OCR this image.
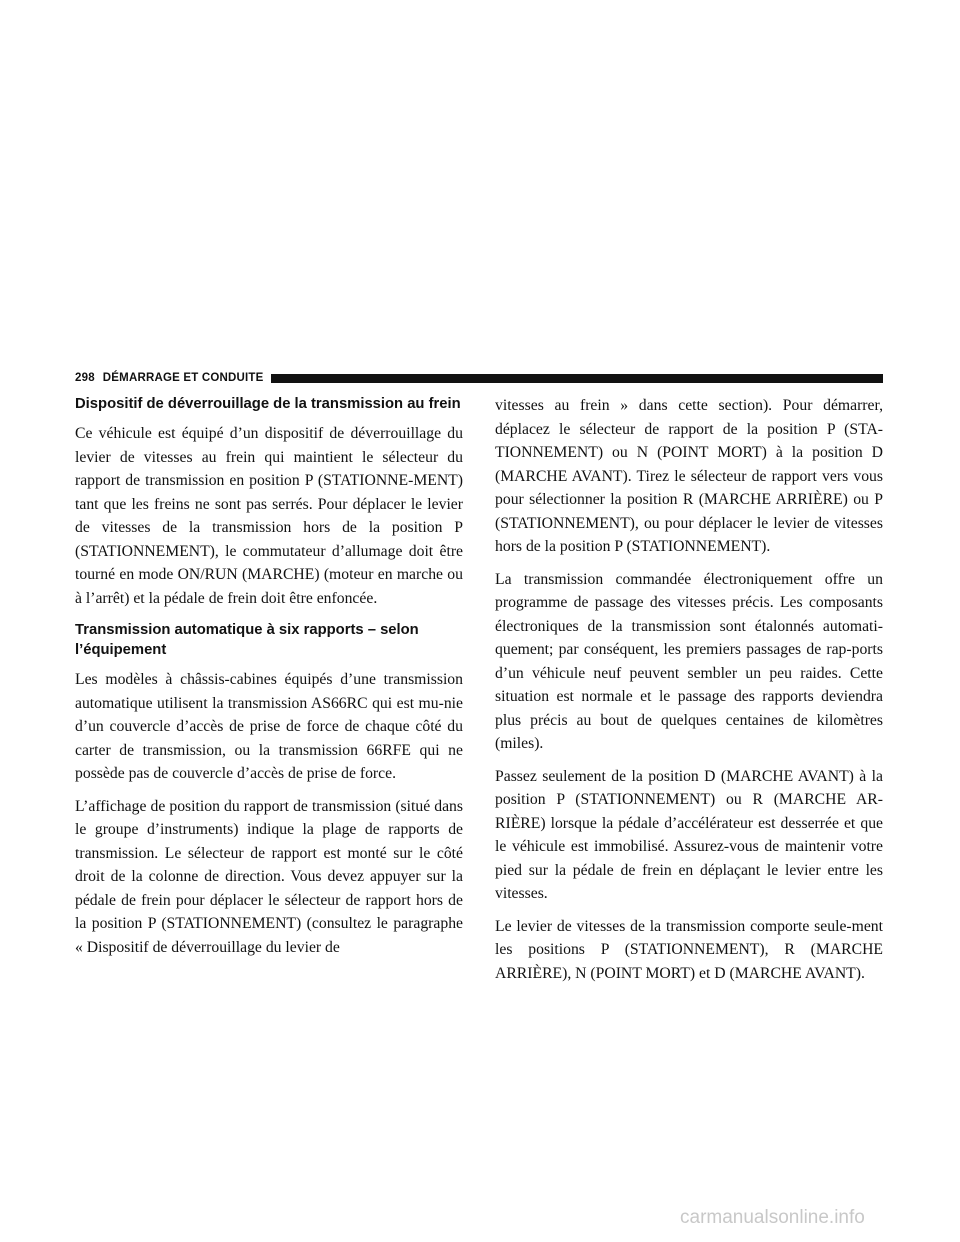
298 DÉMARRAGE ET CONDUITE
Dispositif de déverrouillage de la transmission au frein

Ce véhicule est équipé d’un dispositif de déverrouillage du levier de vitesses au frein qui maintient le sélecteur du rapport de transmission en position P (STATIONNE-MENT) tant que les freins ne sont pas serrés. Pour déplacer le levier de vitesses de la transmission hors de la position P (STATIONNEMENT), le commutateur d’allumage doit être tourné en mode ON/RUN (MARCHE) (moteur en marche ou à l’arrêt) et la pédale de frein doit être enfoncée.

Transmission automatique à six rapports – selon l’équipement

Les modèles à châssis-cabines équipés d’une transmission automatique utilisent la transmission AS66RC qui est mu-nie d’un couvercle d’accès de prise de force de chaque côté du carter de transmission, ou la transmission 66RFE qui ne possède pas de couvercle d’accès de prise de force.

L’affichage de position du rapport de transmission (situé dans le groupe d’instruments) indique la plage de rapports de transmission. Le sélecteur de rapport est monté sur le côté droit de la colonne de direction. Vous devez appuyer sur la pédale de frein pour déplacer le sélecteur de rapport hors de la position P (STATIONNEMENT) (consultez le paragraphe « Dispositif de déverrouillage du levier de

vitesses au frein » dans cette section). Pour démarrer, déplacez le sélecteur de rapport de la position P (STA-TIONNEMENT) ou N (POINT MORT) à la position D (MARCHE AVANT). Tirez le sélecteur de rapport vers vous pour sélectionner la position R (MARCHE ARRIÈRE) ou P (STATIONNEMENT), ou pour déplacer le levier de vitesses hors de la position P (STATIONNEMENT).

La transmission commandée électroniquement offre un programme de passage des vitesses précis. Les composants électroniques de la transmission sont étalonnés automati-quement; par conséquent, les premiers passages de rap-ports d’un véhicule neuf peuvent sembler un peu raides. Cette situation est normale et le passage des rapports deviendra plus précis au bout de quelques centaines de kilomètres (miles).

Passez seulement de la position D (MARCHE AVANT) à la position P (STATIONNEMENT) ou R (MARCHE AR-RIÈRE) lorsque la pédale d’accélérateur est desserrée et que le véhicule est immobilisé. Assurez-vous de maintenir votre pied sur la pédale de frein en déplaçant le levier entre les vitesses.

Le levier de vitesses de la transmission comporte seule-ment les positions P (STATIONNEMENT), R (MARCHE ARRIÈRE), N (POINT MORT) et D (MARCHE AVANT).

carmanualsonline.info
